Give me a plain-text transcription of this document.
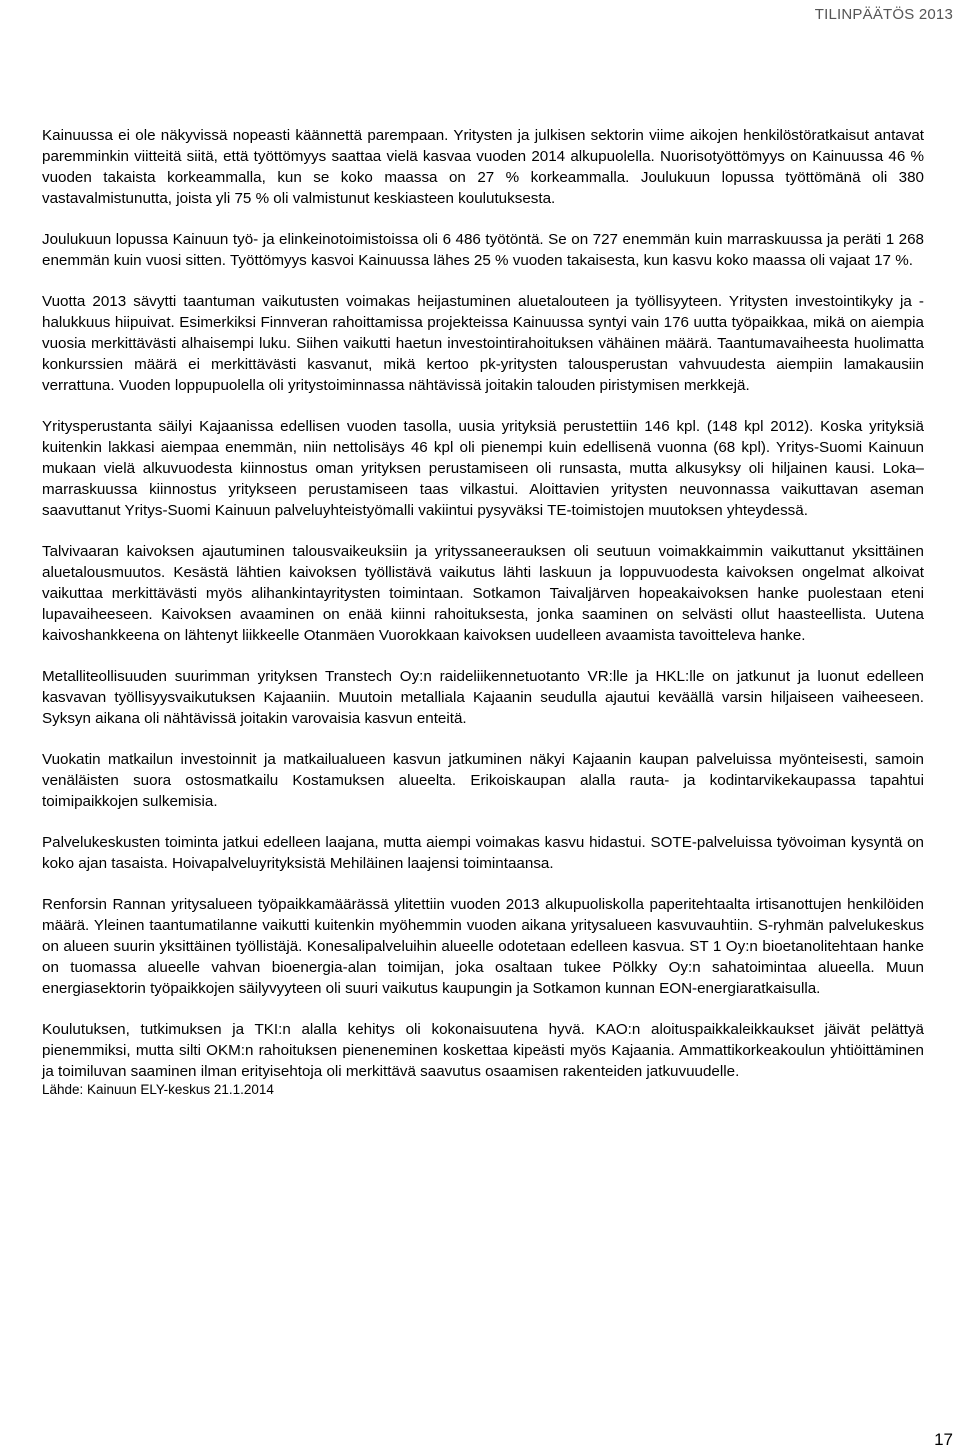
TILINPÄÄTÖS 2013

Kainuussa ei ole näkyvissä nopeasti käännettä parempaan. Yritysten ja julkisen sektorin viime aikojen henkilöstöratkaisut antavat paremminkin viitteitä siitä, että työttömyys saattaa vielä kasvaa vuoden 2014 alkupuolella. Nuorisotyöttömyys on Kainuussa 46 % vuoden takaista korkeammalla, kun se koko maassa on 27 % korkeammalla. Joulukuun lopussa työttömänä oli 380 vastavalmistunutta, joista yli 75 % oli valmistunut keskiasteen koulutuksesta.

Joulukuun lopussa Kainuun työ- ja elinkeinotoimistoissa oli 6 486 työtöntä. Se on 727 enemmän kuin marraskuussa ja peräti 1 268 enemmän kuin vuosi sitten. Työttömyys kasvoi Kainuussa lähes 25 % vuoden takaisesta, kun kasvu koko maassa oli vajaat 17 %.

Vuotta 2013 sävytti taantuman vaikutusten voimakas heijastuminen aluetalouteen ja työllisyyteen. Yritysten investointikyky ja -halukkuus hiipuivat. Esimerkiksi Finnveran rahoittamissa projekteissa Kainuussa syntyi vain 176 uutta työpaikkaa, mikä on aiempia vuosia merkittävästi alhaisempi luku. Siihen vaikutti haetun investointirahoituksen vähäinen määrä. Taantumavaiheesta huolimatta konkurssien määrä ei merkittävästi kasvanut, mikä kertoo pk-yritysten talousperustan vahvuudesta aiempiin lamakausiin verrattuna. Vuoden loppupuolella oli yritystoiminnassa nähtävissä joitakin talouden piristymisen merkkejä.

Yritysperustanta säilyi Kajaanissa edellisen vuoden tasolla, uusia yrityksiä perustettiin 146 kpl. (148 kpl 2012). Koska yrityksiä kuitenkin lakkasi aiempaa enemmän, niin nettolisäys 46 kpl oli pienempi kuin edellisenä vuonna (68 kpl). Yritys-Suomi Kainuun mukaan vielä alkuvuodesta kiinnostus oman yrityksen perustamiseen oli runsasta, mutta alkusyksy oli hiljainen kausi. Loka–marraskuussa kiinnostus yritykseen perustamiseen taas vilkastui. Aloittavien yritysten neuvonnassa vaikuttavan aseman saavuttanut Yritys-Suomi Kainuun palveluyhteistyömalli vakiintui pysyväksi TE-toimistojen muutoksen yhteydessä.

Talvivaaran kaivoksen ajautuminen talousvaikeuksiin ja yrityssaneerauksen oli seutuun voimakkaimmin vaikuttanut yksittäinen aluetalousmuutos. Kesästä lähtien kaivoksen työllistävä vaikutus lähti laskuun ja loppuvuodesta kaivoksen ongelmat alkoivat vaikuttaa merkittävästi myös alihankintayritysten toimintaan. Sotkamon Taivaljärven hopeakaivoksen hanke puolestaan eteni lupavaiheeseen. Kaivoksen avaaminen on enää kiinni rahoituksesta, jonka saaminen on selvästi ollut haasteellista. Uutena kaivoshankkeena on lähtenyt liikkeelle Otanmäen Vuorokkaan kaivoksen uudelleen avaamista tavoitteleva hanke.

Metalliteollisuuden suurimman yrityksen Transtech Oy:n raideliikennetuotanto VR:lle ja HKL:lle on jatkunut ja luonut edelleen kasvavan työllisyysvaikutuksen Kajaaniin. Muutoin metalliala Kajaanin seudulla ajautui keväällä varsin hiljaiseen vaiheeseen. Syksyn aikana oli nähtävissä joitakin varovaisia kasvun enteitä.

Vuokatin matkailun investoinnit ja matkailualueen kasvun jatkuminen näkyi Kajaanin kaupan palveluissa myönteisesti, samoin venäläisten suora ostosmatkailu Kostamuksen alueelta. Erikoiskaupan alalla rauta- ja kodintarvikekaupassa tapahtui toimipaikkojen sulkemisia.

Palvelukeskusten toiminta jatkui edelleen laajana, mutta aiempi voimakas kasvu hidastui. SOTE-palveluissa työvoiman kysyntä on koko ajan tasaista. Hoivapalveluyrityksistä Mehiläinen laajensi toimintaansa.

Renforsin Rannan yritysalueen työpaikkamäärässä ylitettiin vuoden 2013 alkupuoliskolla paperitehtaalta irtisanottujen henkilöiden määrä. Yleinen taantumatilanne vaikutti kuitenkin myöhemmin vuoden aikana yritysalueen kasvuvauhtiin. S-ryhmän palvelukeskus on alueen suurin yksittäinen työllistäjä. Konesalipalveluihin alueelle odotetaan edelleen kasvua. ST 1 Oy:n bioetanolitehtaan hanke on tuomassa alueelle vahvan bioenergia-alan toimijan, joka osaltaan tukee Pölkky Oy:n sahatoimintaa alueella. Muun energiasektorin työpaikkojen säilyvyyteen oli suuri vaikutus kaupungin ja Sotkamon kunnan EON-energiaratkaisulla.

Koulutuksen, tutkimuksen ja TKI:n alalla kehitys oli kokonaisuutena hyvä. KAO:n aloituspaikkaleikkaukset jäivät pelättyä pienemmiksi, mutta silti OKM:n rahoituksen pieneneminen koskettaa kipeästi myös Kajaania. Ammattikorkeakoulun yhtiöittäminen ja toimiluvan saaminen ilman erityisehtoja oli merkittävä saavutus osaamisen rakenteiden jatkuvuudelle.

Lähde: Kainuun ELY-keskus 21.1.2014
17
